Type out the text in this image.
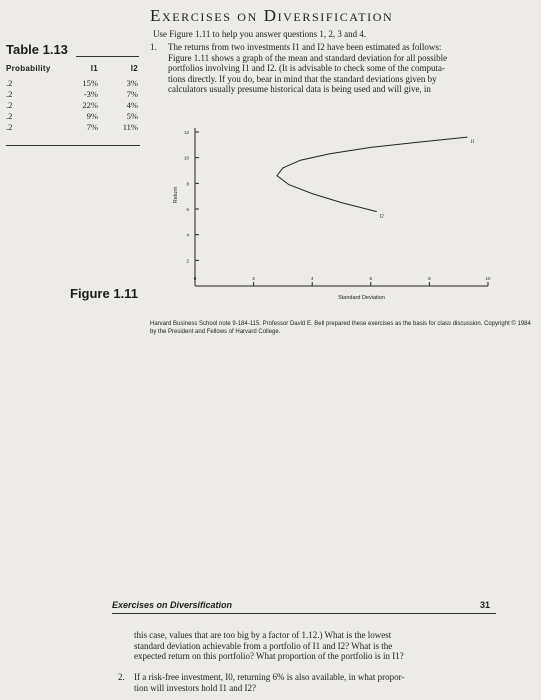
Exercises on Diversification
Table 1.13
Probability	I1	I2
.2	15%	3%
.2	-3%	7%
.2	22%	4%
.2	9%	5%
.2	7%	11%
Use Figure 1.11 to help you answer questions 1, 2, 3 and 4.
1. The returns from two investments I1 and I2 have been estimated as follows:
Figure 1.11 shows a graph of the mean and standard deviation for all possible
portfolios involving I1 and I2. (It is advisable to check some of the computa-
tions directly. If you do, bear in mind that the standard deviations given by
calculators usually presume historical data is being used and will give, in
2
4
6
8
10
12
0	2	4	6	8	10
Standard Deviation
Return
I1
I2
Figure 1.11
Harvard Business School note 9-184-115. Professor David E. Bell prepared these exercises as the basis for class discussion. Copyright © 1984 by the President and Fellows of Harvard College.
Exercises on Diversification	31
this case, values that are too big by a factor of 1.12.) What is the lowest
standard deviation achievable from a portfolio of I1 and I2? What is the
expected return on this portfolio? What proportion of the portfolio is in I1?
2. If a risk-free investment, I0, returning 6% is also available, in what propor-
tion will investors hold I1 and I2?
